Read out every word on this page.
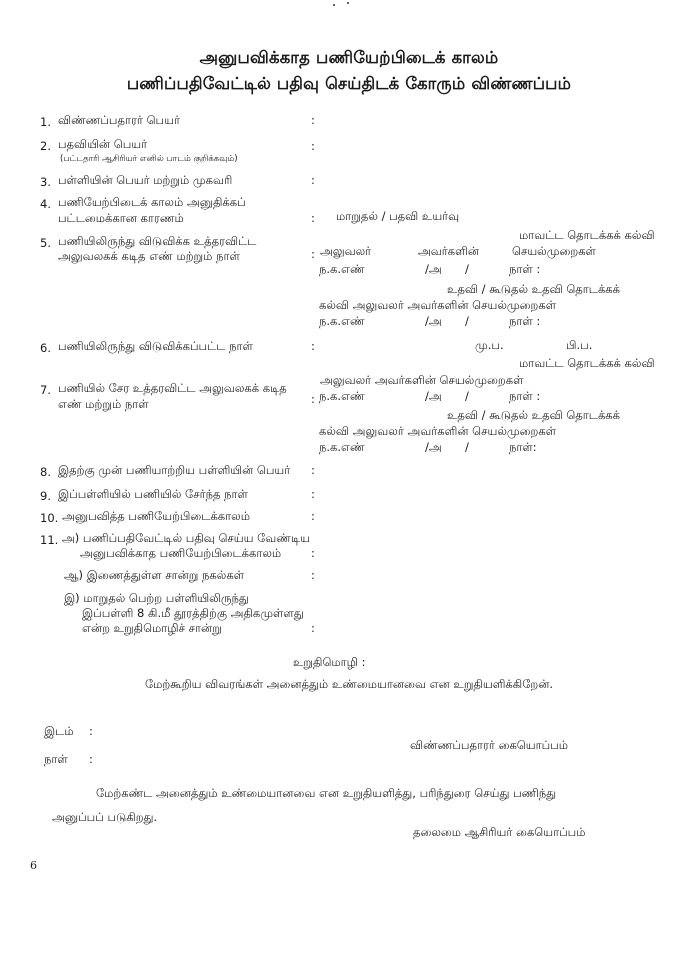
அனுபவிக்காத பணியேற்பிடைக் காலம்
பணிப்பதிவேட்டில் பதிவு செய்திடக் கோரும் விண்ணப்பம்
1. விண்ணப்பதாரர் பெயர்	:
2. பதவியின் பெயர்
(பட்டதாரி ஆசிரியர் எனில் பாடம் குறிக்கவும்)
:
3. பள்ளியின் பெயர் மற்றும் முகவரி	:
4. பணியேற்பிடைக் காலம் அனுதிக்கப்
பட்டமைக்கான காரணம்	: மாறுதல் / பதவி உயர்வு
5. பணியிலிருந்து விடுவிக்க உத்தரவிட்ட
அலுவலகக் கடித எண் மற்றும் நாள்
மாவட்ட தொடக்கக் கல்வி
: அலுவலர்	அவர்களின்	செயல்முறைகள்
ந.க.எண்	/அ /	நாள் :
உதவி / கூடுதல் உதவி தொடக்கக்
கல்வி அலுவலர் அவர்களின் செயல்முறைகள்
ந.க.எண்	/அ /	நாள் :
6. பணியிலிருந்து விடுவிக்கப்பட்ட நாள்	:	மு.ப.	பி.ப.
7. பணியில் சேர உத்தரவிட்ட அலுவலகக் கடித
எண் மற்றும் நாள்
மாவட்ட தொடக்கக் கல்வி
அலுவலர் அவர்களின் செயல்முறைகள்
: ந.க.எண்	/அ /	நாள் :
உதவி / கூடுதல் உதவி தொடக்கக்
கல்வி அலுவலர் அவர்களின் செயல்முறைகள்
ந.க.எண்	/அ /	நாள்:
8. இதற்கு முன் பணியாற்றிய பள்ளியின் பெயர் :
9. இப்பள்ளியில் பணியில் சேர்ந்த நாள்	:
10. அனுபவித்த பணியேற்பிடைக்காலம்	:
11. அ) பணிப்பதிவேட்டில் பதிவு செய்ய வேண்டிய
அனுபவிக்காத பணியேற்பிடைக்காலம்	:
ஆ) இணைத்துள்ள சான்று நகல்கள்	:
இ) மாறுதல் பெற்ற பள்ளியிலிருந்து
இப்பள்ளி 8 கி.மீ தூரத்திற்கு அதிகமுள்ளது
என்ற உறுதிமொழிச் சான்று	:
உறுதிமொழி :
மேற்கூறிய விவரங்கள் அனைத்தும் உண்மையானவை என உறுதியளிக்கிறேன்.
இடம் :
விண்ணப்பதாரர் கையொப்பம்
நாள் :
மேற்கண்ட அனைத்தும் உண்மையானவை என உறுதியளித்து, பரிந்துரை செய்து பணிந்து
அனுப்பப் படுகிறது.
தலைமை ஆசிரியர் கையொப்பம்
6
